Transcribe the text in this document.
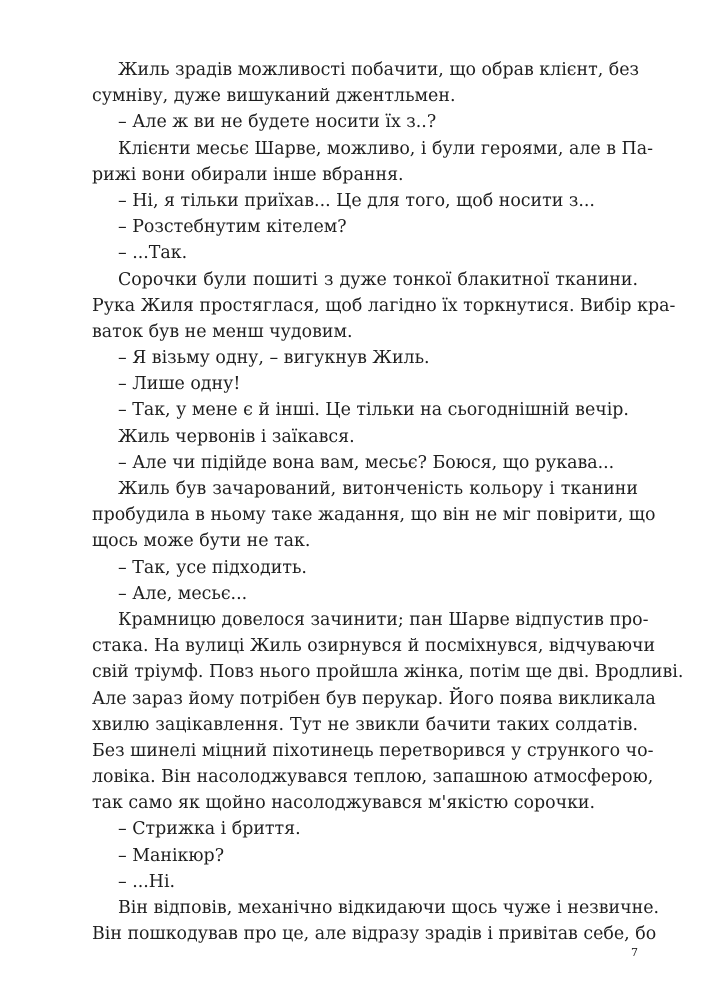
Жиль зрадів можливості побачити, що обрав клієнт, без
сумніву, дуже вишуканий джентльмен.
– Але ж ви не будете носити їх з..?
Клієнти месьє Шарве, можливо, і були героями, але в Па-
рижі вони обирали інше вбрання.
– Ні, я тільки приїхав... Це для того, щоб носити з...
– Розстебнутим кітелем?
– ...Так.
Сорочки були пошиті з дуже тонкої блакитної тканини.
Рука Жиля простяглася, щоб лагідно їх торкнутися. Вибір кра-
ваток був не менш чудовим.
– Я візьму одну, – вигукнув Жиль.
– Лише одну!
– Так, у мене є й інші. Це тільки на сьогоднішній вечір.
Жиль червонів і заїкався.
– Але чи підійде вона вам, месьє? Боюся, що рукава...
Жиль був зачарований, витонченість кольору і тканини
пробудила в ньому таке жадання, що він не міг повірити, що
щось може бути не так.
– Так, усе підходить.
– Але, месьє...
Крамницю довелося зачинити; пан Шарве відпустив про-
стака. На вулиці Жиль озирнувся й посміхнувся, відчуваючи
свій тріумф. Повз нього пройшла жінка, потім ще дві. Вродливі.
Але зараз йому потрібен був перукар. Його поява викликала
хвилю зацікавлення. Тут не звикли бачити таких солдатів.
Без шинелі міцний піхотинець перетворився у стрункого чо-
ловіка. Він насолоджувався теплою, запашною атмосферою,
так само як щойно насолоджувався м'якістю сорочки.
– Стрижка і бриття.
– Манікюр?
– ...Ні.
Він відповів, механічно відкидаючи щось чуже і незвичне.
Він пошкодував про це, але відразу зрадів і привітав себе, бо
7
